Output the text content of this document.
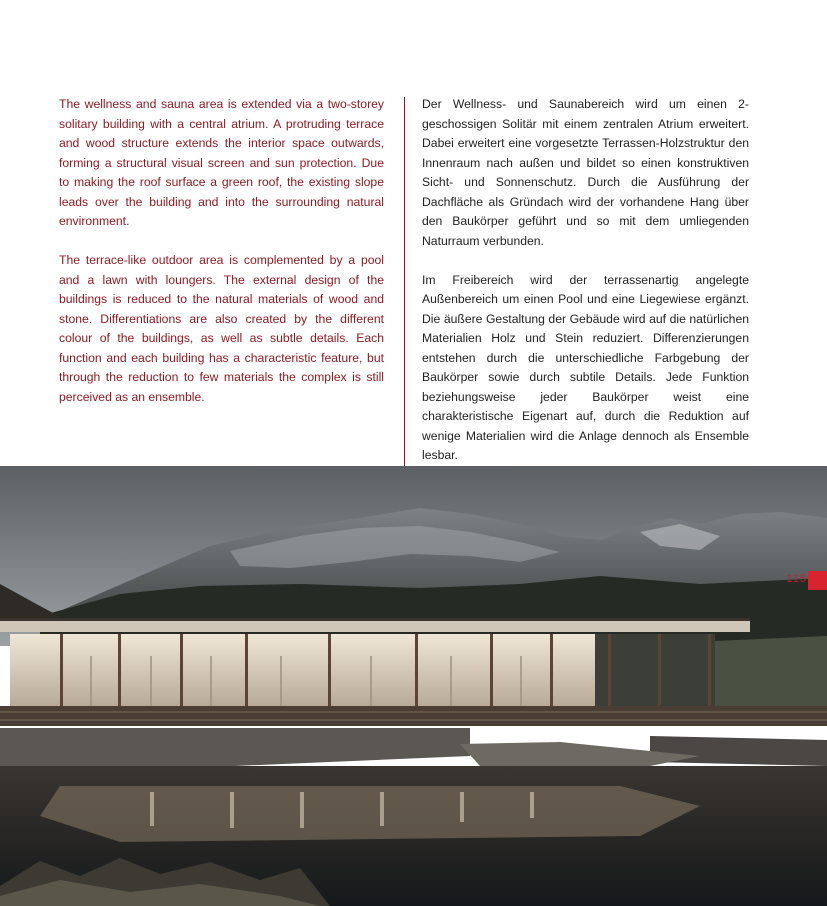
The wellness and sauna area is extended via a two-storey solitary building with a central atrium. A protruding terrace and wood structure extends the interior space outwards, forming a structural visual screen and sun protection. Due to making the roof surface a green roof, the existing slope leads over the building and into the surrounding natural environment.

The terrace-like outdoor area is complemented by a pool and a lawn with loungers. The external design of the buildings is reduced to the natural materials of wood and stone. Differentiations are also created by the different colour of the buildings, as well as subtle details. Each function and each building has a characteristic feature, but through the reduction to few materials the complex is still perceived as an ensemble.

Der Wellness- und Saunabereich wird um einen 2-geschossigen Solitär mit einem zentralen Atrium erweitert. Dabei erweitert eine vorgesetzte Terrassen-Holzstruktur den Innenraum nach außen und bildet so einen konstruktiven Sicht- und Sonnenschutz. Durch die Ausführung der Dachfläche als Gründach wird der vorhandene Hang über den Baukörper geführt und so mit dem umliegenden Naturraum verbunden.

Im Freibereich wird der terrassenartig angelegte Außenbereich um einen Pool und eine Liegewiese ergänzt. Die äußere Gestaltung der Gebäude wird auf die natürlichen Materialien Holz und Stein reduziert. Differenzierungen entstehen durch die unterschiedliche Farbgebung der Baukörper sowie durch subtile Details. Jede Funktion beziehungsweise jeder Baukörper weist eine charakteristische Eigenart auf, durch die Reduktion auf wenige Materialien wird die Anlage dennoch als Ensemble lesbar.

115
